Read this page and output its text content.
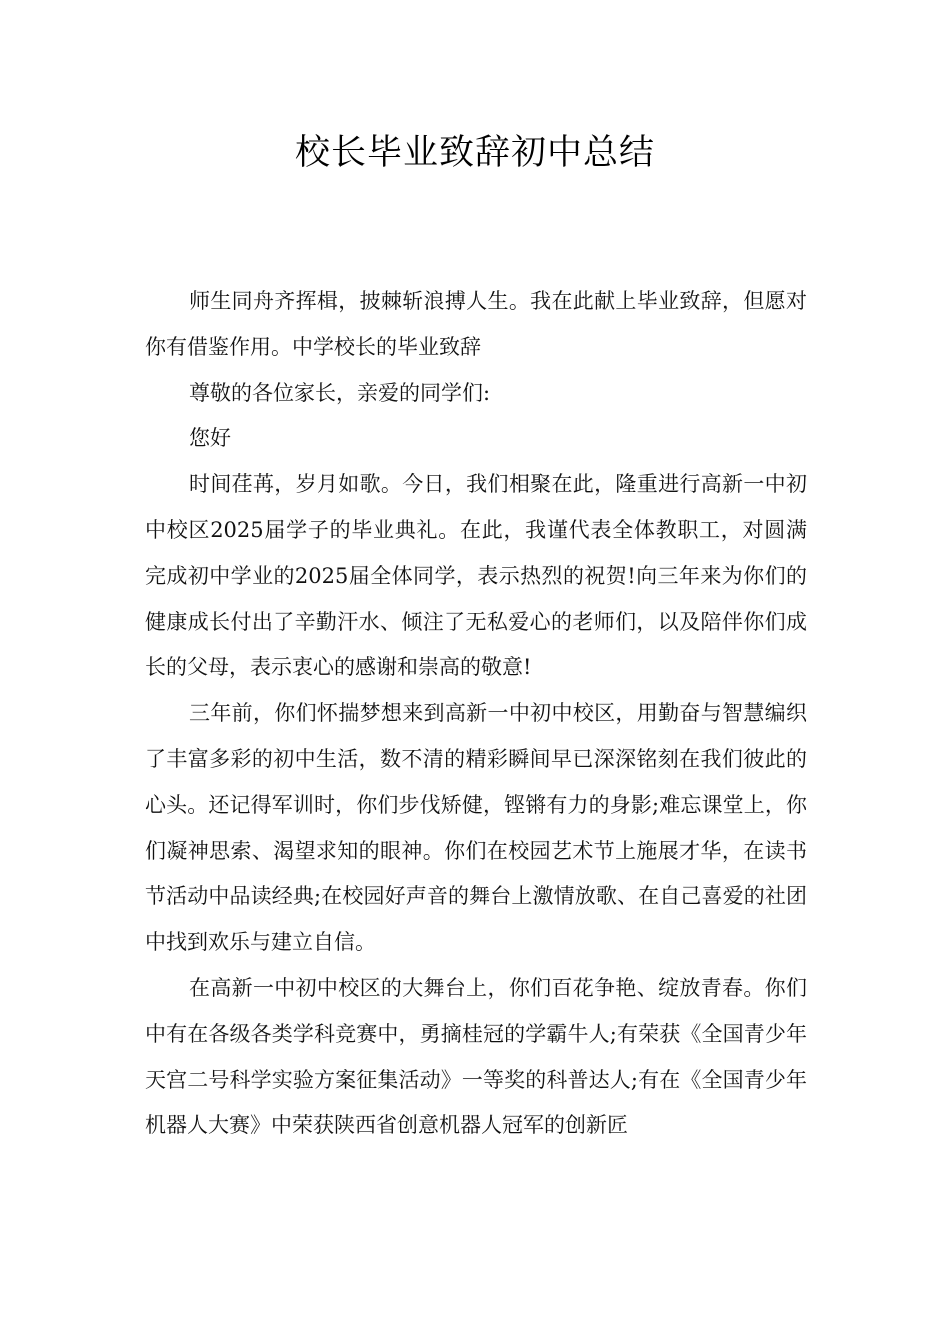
校长毕业致辞初中总结

师生同舟齐挥楫，披棘斩浪搏人生。我在此献上毕业致辞，但愿对你有借鉴作用。中学校长的毕业致辞

尊敬的各位家长，亲爱的同学们:

您好

时间荏苒，岁月如歌。今日，我们相聚在此，隆重进行高新一中初中校区2025届学子的毕业典礼。在此，我谨代表全体教职工，对圆满完成初中学业的2025届全体同学，表示热烈的祝贺!向三年来为你们的健康成长付出了辛勤汗水、倾注了无私爱心的老师们，以及陪伴你们成长的父母，表示衷心的感谢和崇高的敬意!

三年前，你们怀揣梦想来到高新一中初中校区，用勤奋与智慧编织了丰富多彩的初中生活，数不清的精彩瞬间早已深深铭刻在我们彼此的心头。还记得军训时，你们步伐矫健，铿锵有力的身影;难忘课堂上，你们凝神思索、渴望求知的眼神。你们在校园艺术节上施展才华，在读书节活动中品读经典;在校园好声音的舞台上激情放歌、在自己喜爱的社团中找到欢乐与建立自信。

在高新一中初中校区的大舞台上，你们百花争艳、绽放青春。你们中有在各级各类学科竞赛中，勇摘桂冠的学霸牛人;有荣获《全国青少年天宫二号科学实验方案征集活动》一等奖的科普达人;有在《全国青少年机器人大赛》中荣获陕西省创意机器人冠军的创新匠
